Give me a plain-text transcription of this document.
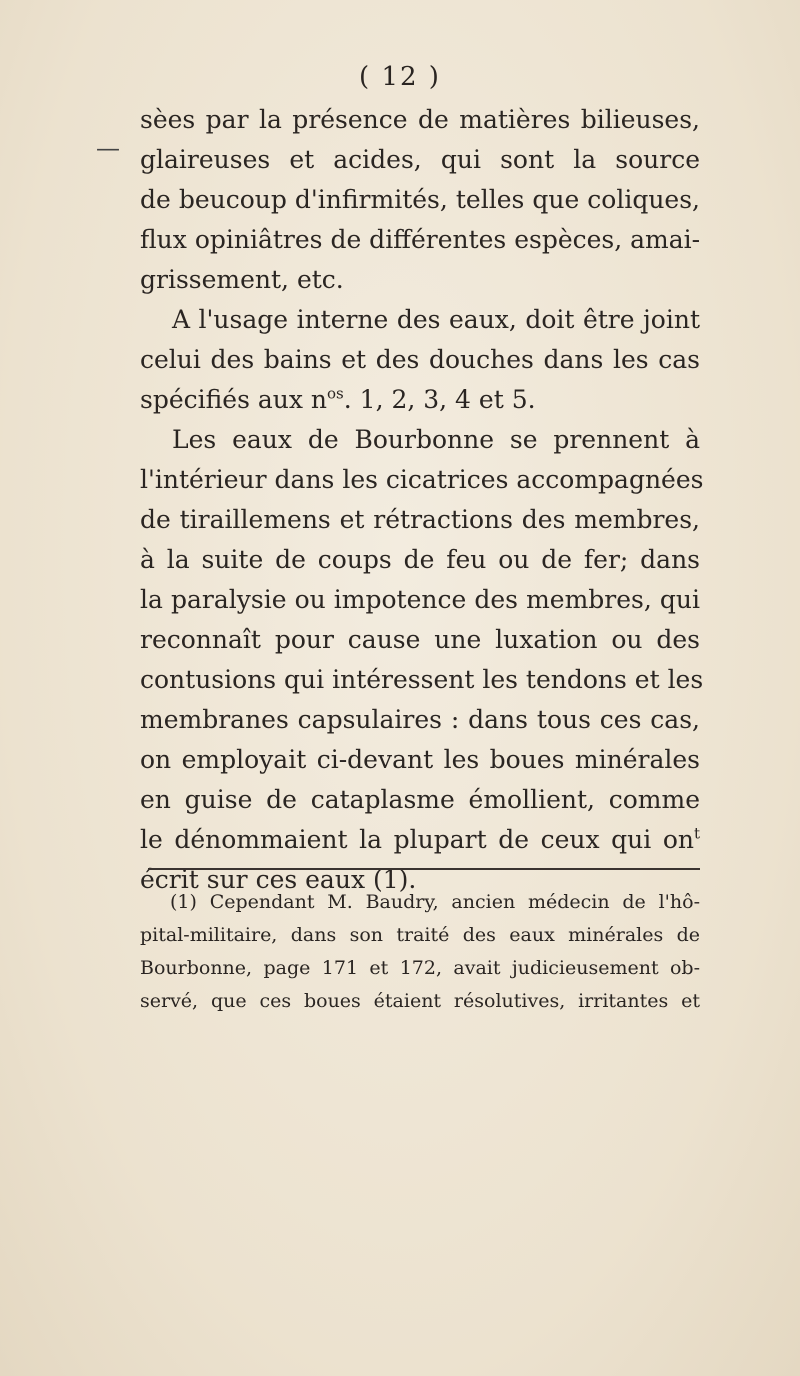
( 12 )
—
sèes par la présence de matières bilieuses,
glaireuses et acides, qui sont la source
de beucoup d'infirmités, telles que coliques,
flux opiniâtres de différentes espèces, amai-
grissement, etc.
A l'usage interne des eaux, doit être joint
celui des bains et des douches dans les cas
spécifiés aux $n^{os}$. 1, 2, 3, 4 et 5.
Les eaux de Bourbonne se prennent à
l'intérieur dans les cicatrices accompagnées
de tiraillemens et rétractions des membres,
à la suite de coups de feu ou de fer; dans
la paralysie ou impotence des membres, qui
reconnaît pour cause une luxation ou des
contusions qui intéressent les tendons et les
membranes capsulaires : dans tous ces cas,
on employait ci-devant les boues minérales
en guise de cataplasme émollient, comme
le dénommaient la plupart de ceux qui $on^t$
écrit sur ces eaux (1).
(1) Cependant M. Baudry, ancien médecin de l'hô-
pital-militaire, dans son traité des eaux minérales de
Bourbonne, page 171 et 172, avait judicieusement ob-
servé, que ces boues étaient résolutives, irritantes et
